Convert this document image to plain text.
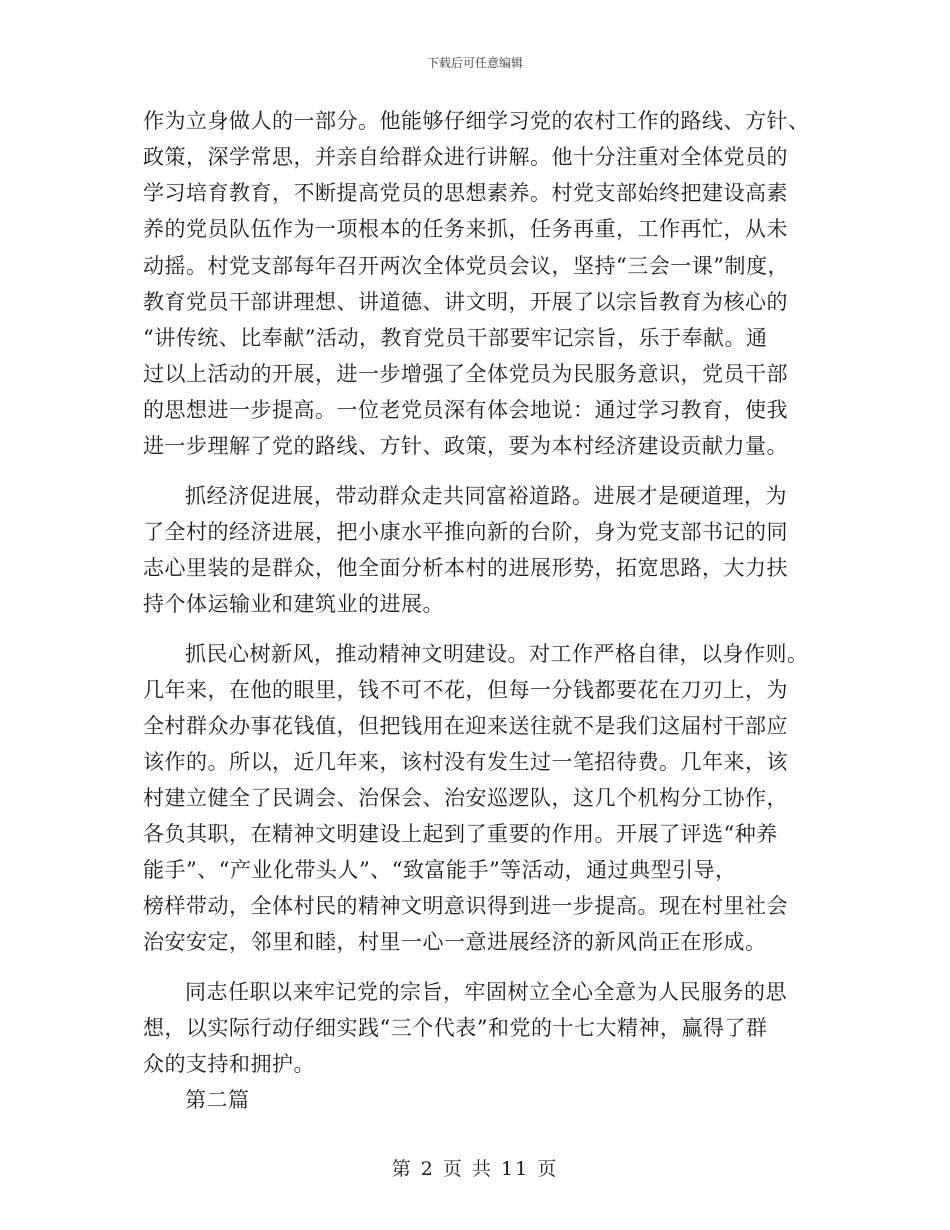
下载后可任意编辑
作为立身做人的一部分。他能够仔细学习党的农村工作的路线、方针、
政策，深学常思，并亲自给群众进行讲解。他十分注重对全体党员的
学习培育教育，不断提高党员的思想素养。村党支部始终把建设高素
养的党员队伍作为一项根本的任务来抓，任务再重，工作再忙，从未
动摇。村党支部每年召开两次全体党员会议，坚持“三会一课”制度，
教育党员干部讲理想、讲道德、讲文明，开展了以宗旨教育为核心的
“讲传统、比奉献”活动，教育党员干部要牢记宗旨，乐于奉献。通
过以上活动的开展，进一步增强了全体党员为民服务意识，党员干部
的思想进一步提高。一位老党员深有体会地说：通过学习教育，使我
进一步理解了党的路线、方针、政策，要为本村经济建设贡献力量。
抓经济促进展，带动群众走共同富裕道路。进展才是硬道理，为
了全村的经济进展，把小康水平推向新的台阶，身为党支部书记的同
志心里装的是群众，他全面分析本村的进展形势，拓宽思路，大力扶
持个体运输业和建筑业的进展。
抓民心树新风，推动精神文明建设。对工作严格自律，以身作则。
几年来，在他的眼里，钱不可不花，但每一分钱都要花在刀刃上，为
全村群众办事花钱值，但把钱用在迎来送往就不是我们这届村干部应
该作的。所以，近几年来，该村没有发生过一笔招待费。几年来，该
村建立健全了民调会、治保会、治安巡逻队，这几个机构分工协作，
各负其职，在精神文明建设上起到了重要的作用。开展了评选“种养
能手”、“产业化带头人”、“致富能手”等活动，通过典型引导，
榜样带动，全体村民的精神文明意识得到进一步提高。现在村里社会
治安安定，邻里和睦，村里一心一意进展经济的新风尚正在形成。
同志任职以来牢记党的宗旨，牢固树立全心全意为人民服务的思
想，以实际行动仔细实践“三个代表”和党的十七大精神，赢得了群
众的支持和拥护。
第二篇
第 2 页 共 11 页
